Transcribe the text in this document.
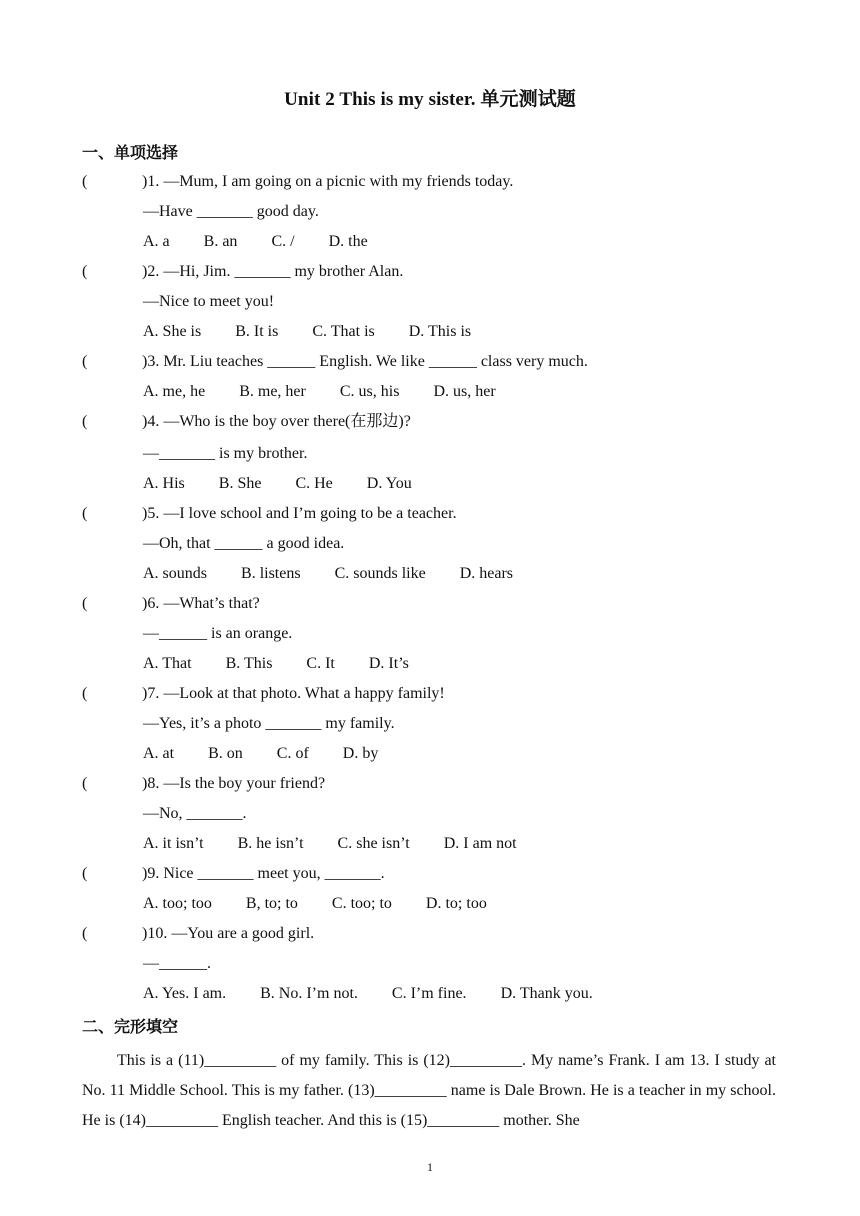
Unit 2 This is my sister. 单元测试题
一、单项选择
(	)1. —Mum, I am going on a picnic with my friends today.
—Have _______ good day.
A. a B. an C. / D. the
(	)2. —Hi, Jim. _______ my brother Alan.
—Nice to meet you!
A. She is B. It is C. That is D. This is
(	)3. Mr. Liu teaches ______ English. We like ______ class very much.
A. me, he B. me, her C. us, his D. us, her
(	)4. —Who is the boy over there(在那边)?
—_______ is my brother.
A. His B. She C. He D. You
(	)5. —I love school and I’m going to be a teacher.
—Oh, that ______ a good idea.
A. sounds B. listens C. sounds like D. hears
(	)6. —What’s that?
—______ is an orange.
A. That B. This C. It D. It’s
(	)7. —Look at that photo. What a happy family!
—Yes, it’s a photo _______ my family.
A. at B. on C. of D. by
(	)8. —Is the boy your friend?
—No, _______.
A. it isn’t B. he isn’t C. she isn’t D. I am not
(	)9. Nice _______ meet you, _______.
A. too; too B, to; to C. too; to D. to; too
(	)10. —You are a good girl.
—______.
A. Yes. I am. B. No. I’m not. C. I’m fine. D. Thank you.
二、完形填空

This is a (11)_________ of my family. This is (12)_________. My name’s Frank. I am 13. I study at No. 11 Middle School. This is my father. (13)_________ name is Dale Brown. He is a teacher in my school. He is (14)_________ English teacher. And this is (15)_________ mother. She

1
